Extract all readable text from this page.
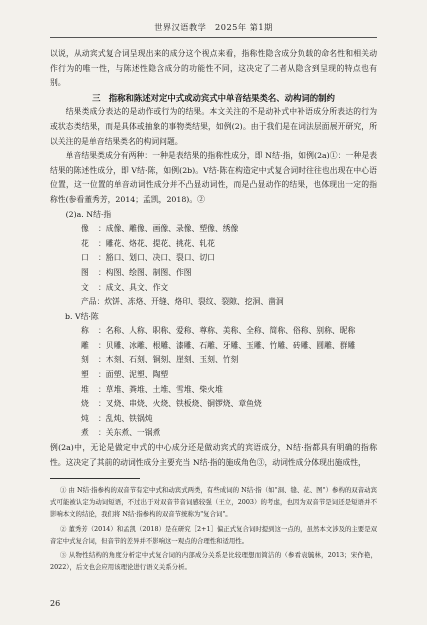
世界汉语教学　2025年 第1期

以说，从动宾式复合词呈现出来的成分这个视点来看，指称性隐含成分负载的命名性和相关动作行为的唯一性，与陈述性隐含成分的功能性不同，这决定了二者从隐含到呈现的特点也有别。

三　指称和陈述对定中式或动宾式中单音结果类名、动构词的制约

结果类成分表达的是动作或行为的结果。本文关注的不是动补式中补语成分所表达的行为或状态类结果，而是具体或抽象的事物类结果，如例(2)。由于我们是在词法层面展开研究，所以关注的是单音结果类名的构词问题。

单音结果类成分有两种：一种是表结果的指称性成分，即 N结·指，如例(2a)①：一种是表结果的陈述性成分，即 V结·陈，如例(2b)。V结·陈在构造定中式复合词时往往也出现在中心语位置，这一位置的单音动词性成分并不凸显动词性，而是凸显动作的结果，也体现出一定的指称性(参看董秀芳，2014；孟凯，2018)。②

(2)a. N结·指

像	：成像、雕像、画像、录像、塑像、绣像
花	：雕花、烙花、提花、挑花、轧花
口	：豁口、划口、决口、裂口、切口
图	：构图、绘图、制图、作图
文	：成文、具文、作文
产品 ：炊饼、冻烙、开缝、烙印、裂纹、裂隙、挖洞、凿洞

b. V结·陈

称	：名称、人称、职称、爱称、尊称、美称、全称、简称、俗称、别称、昵称
雕	：贝雕、冰雕、根雕、漆雕、石雕、牙雕、玉雕、竹雕、砖雕、圆雕、群雕
刻	：木刻、石刻、铜刻、崖刻、玉刻、竹刻
塑	：面塑、泥塑、陶塑
堆	：草堆、粪堆、土堆、雪堆、柴火堆
烧	：叉烧、串烧、火烧、铁板烧、铜锣烧、章鱼烧
炖	：乱炖、铁锅炖
煮	：关东煮、一锅煮

例(2a)中，无论是做定中式的中心成分还是做动宾式的宾语成分，N结·指都具有明确的指称性。这决定了其前的动词性成分主要充当 N结·指的施成角色③，动词性成分体现出施成性，

① 由 N结·指参构的双音节有定中式和动宾式两类，有些成词的 N结·指（如"洞、缝、花、图"）参构的双音动宾式可能被认定为动词短语，不过出于对双音节音词感较强（王立，2003）的考虑，也因为双音节是词还是短语并不影响本文的结论，我们将 N结·指参构的双音节统称为"复合词"。

② 董秀芳（2014）和孟凯（2018）是在研究［2+1］偏正式复合词时提到这一点的，虽然本文涉及的主要是双音定中式复合词，但音节的差异并不影响这一观点的合理性和适用性。

③ 从物性结构的角度分析定中式复合词的内部成分关系是比较理想而简洁的（参看袁毓林，2013；宋作艳，2022），后文也会应用该理论进行语义关系分析。

26
